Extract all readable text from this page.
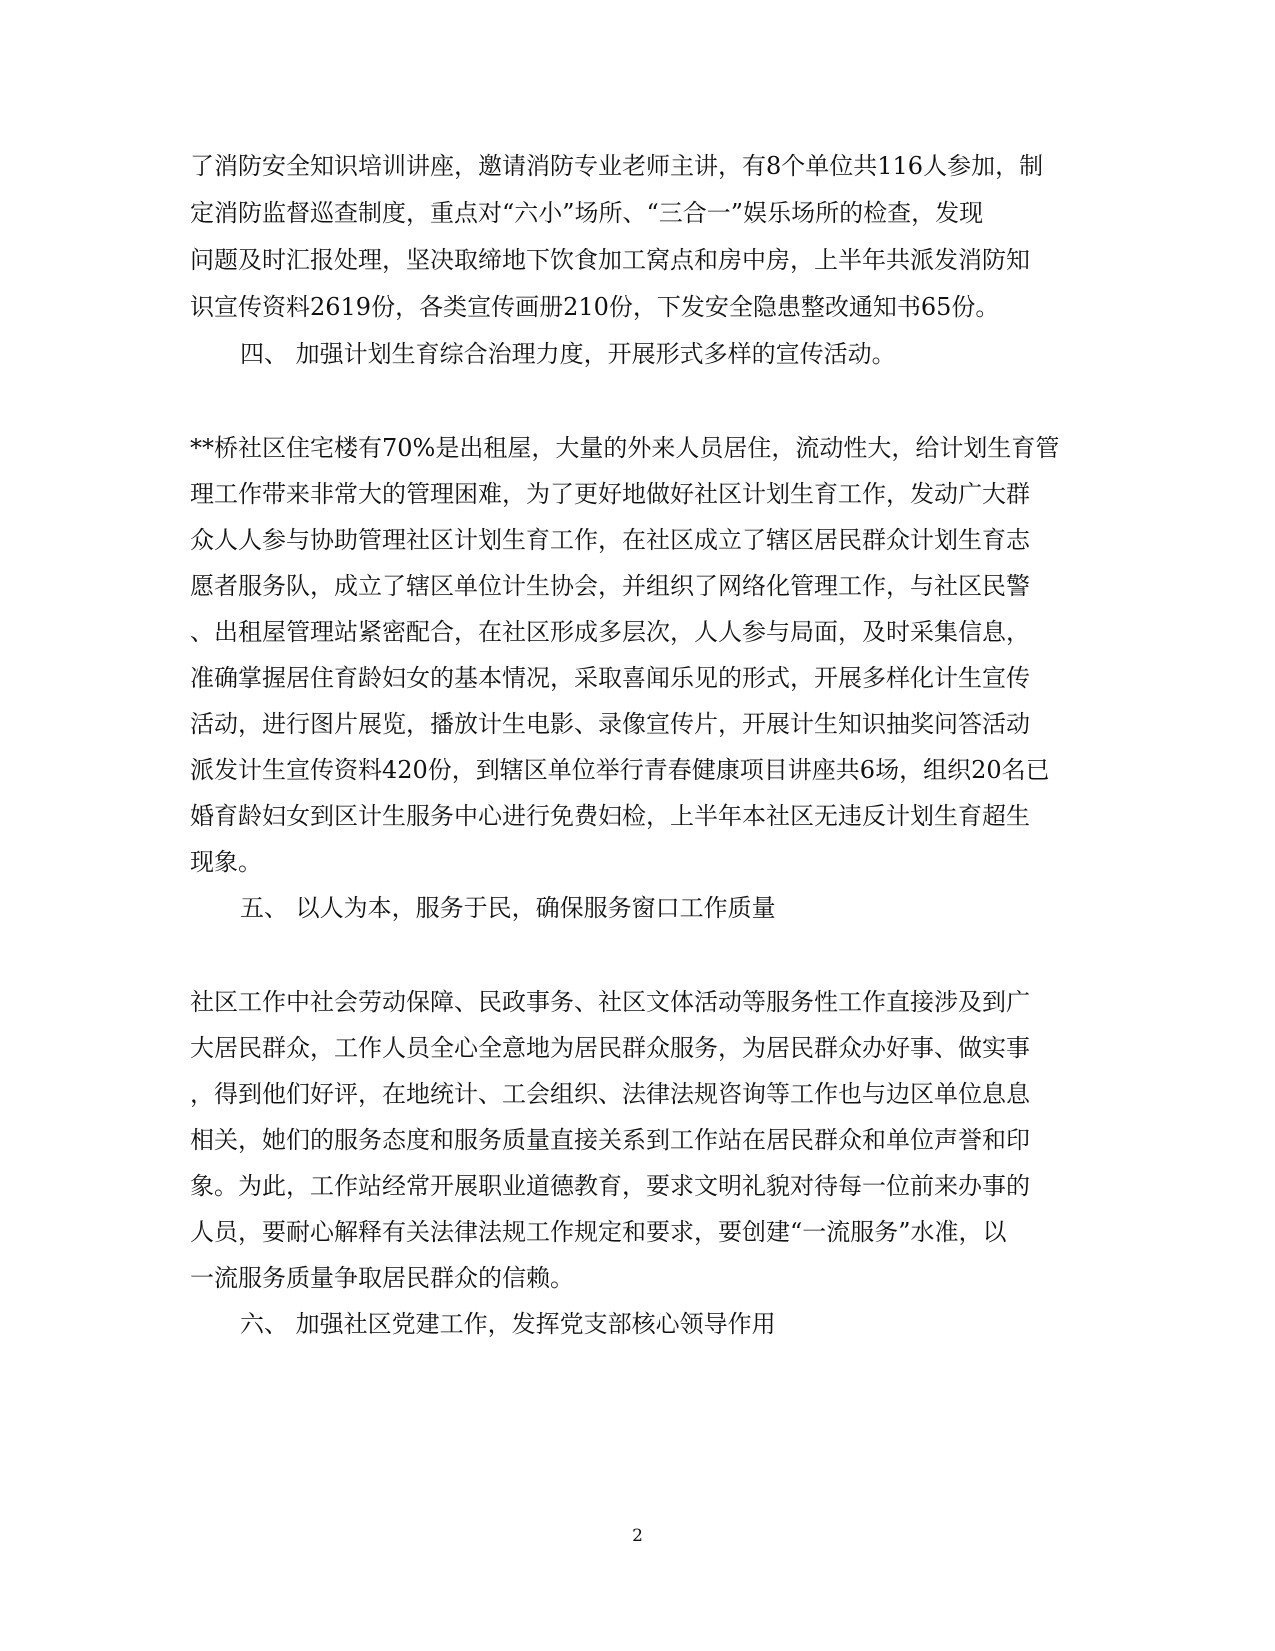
了消防安全知识培训讲座，邀请消防专业老师主讲，有8个单位共116人参加，制

定消防监督巡查制度，重点对“六小”场所、“三合一”娱乐场所的检查，发现

问题及时汇报处理，坚决取缔地下饮食加工窝点和房中房，上半年共派发消防知

识宣传资料2619份，各类宣传画册210份，下发安全隐患整改通知书65份。

四、 加强计划生育综合治理力度，开展形式多样的宣传活动。

**桥社区住宅楼有70%是出租屋，大量的外来人员居住，流动性大，给计划生育管

理工作带来非常大的管理困难，为了更好地做好社区计划生育工作，发动广大群

众人人参与协助管理社区计划生育工作，在社区成立了辖区居民群众计划生育志

愿者服务队，成立了辖区单位计生协会，并组织了网络化管理工作，与社区民警

、出租屋管理站紧密配合，在社区形成多层次，人人参与局面，及时采集信息，

准确掌握居住育龄妇女的基本情况，采取喜闻乐见的形式，开展多样化计生宣传

活动，进行图片展览，播放计生电影、录像宣传片，开展计生知识抽奖问答活动

派发计生宣传资料420份，到辖区单位举行青春健康项目讲座共6场，组织20名已

婚育龄妇女到区计生服务中心进行免费妇检，上半年本社区无违反计划生育超生

现象。

五、 以人为本，服务于民，确保服务窗口工作质量

社区工作中社会劳动保障、民政事务、社区文体活动等服务性工作直接涉及到广

大居民群众，工作人员全心全意地为居民群众服务，为居民群众办好事、做实事

，得到他们好评，在地统计、工会组织、法律法规咨询等工作也与边区单位息息

相关，她们的服务态度和服务质量直接关系到工作站在居民群众和单位声誉和印

象。为此，工作站经常开展职业道德教育，要求文明礼貌对待每一位前来办事的

人员，要耐心解释有关法律法规工作规定和要求，要创建“一流服务”水准，以

一流服务质量争取居民群众的信赖。

六、 加强社区党建工作，发挥党支部核心领导作用

2
